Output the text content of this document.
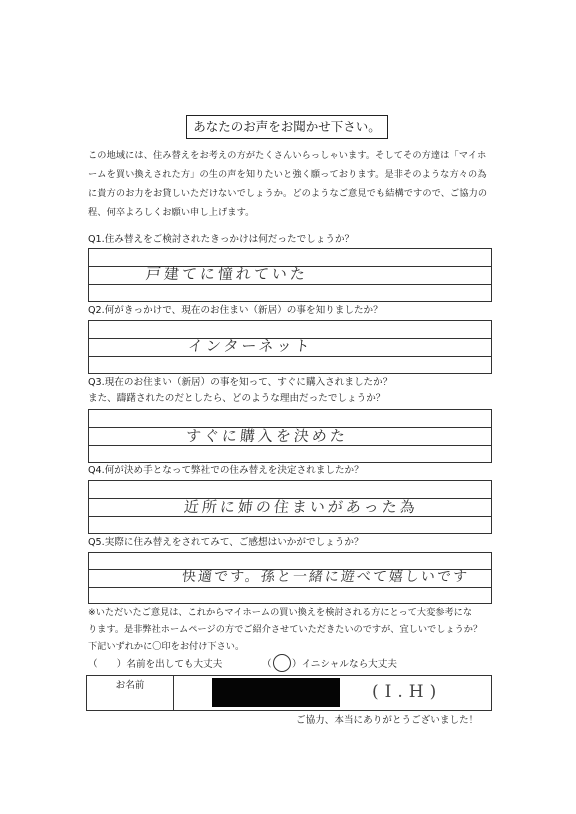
あなたのお声をお聞かせ下さい。

この地域には、住み替えをお考えの方がたくさんいらっしゃいます。そしてその方達は「マイホ

ームを買い換えされた方」の生の声を知りたいと強く願っております。是非そのような方々の為

に貴方のお力をお貸しいただけないでしょうか。どのようなご意見でも結構ですので、ご協力の

程、何卒よろしくお願い申し上げます。

Q1.住み替えをご検討されたきっかけは何だったでしょうか？
戸建てに憧れていた
Q2.何がきっかけで、現在のお住まい（新居）の事を知りましたか？
インターネット
Q3.現在のお住まい（新居）の事を知って、すぐに購入されましたか？
また、躊躇されたのだとしたら、どのような理由だったでしょうか？
すぐに購入を決めた
Q4.何が決め手となって弊社での住み替えを決定されましたか？
近所に姉の住まいがあった為
Q5.実際に住み替えをされてみて、ご感想はいかがでしょうか？
快適です。孫と一緒に遊べて嬉しいです

※いただいたご意見は、これからマイホームの買い換えを検討される方にとって大変参考にな

ります。是非弊社ホームページの方でご紹介させていただきたいのですが、宜しいでしょうか？

下記いずれかに〇印をお付け下さい。

（　　）名前を出しても大丈夫	（ ）イニシャルなら大丈夫
お名前	(I.H)
ご協力、本当にありがとうございました！
